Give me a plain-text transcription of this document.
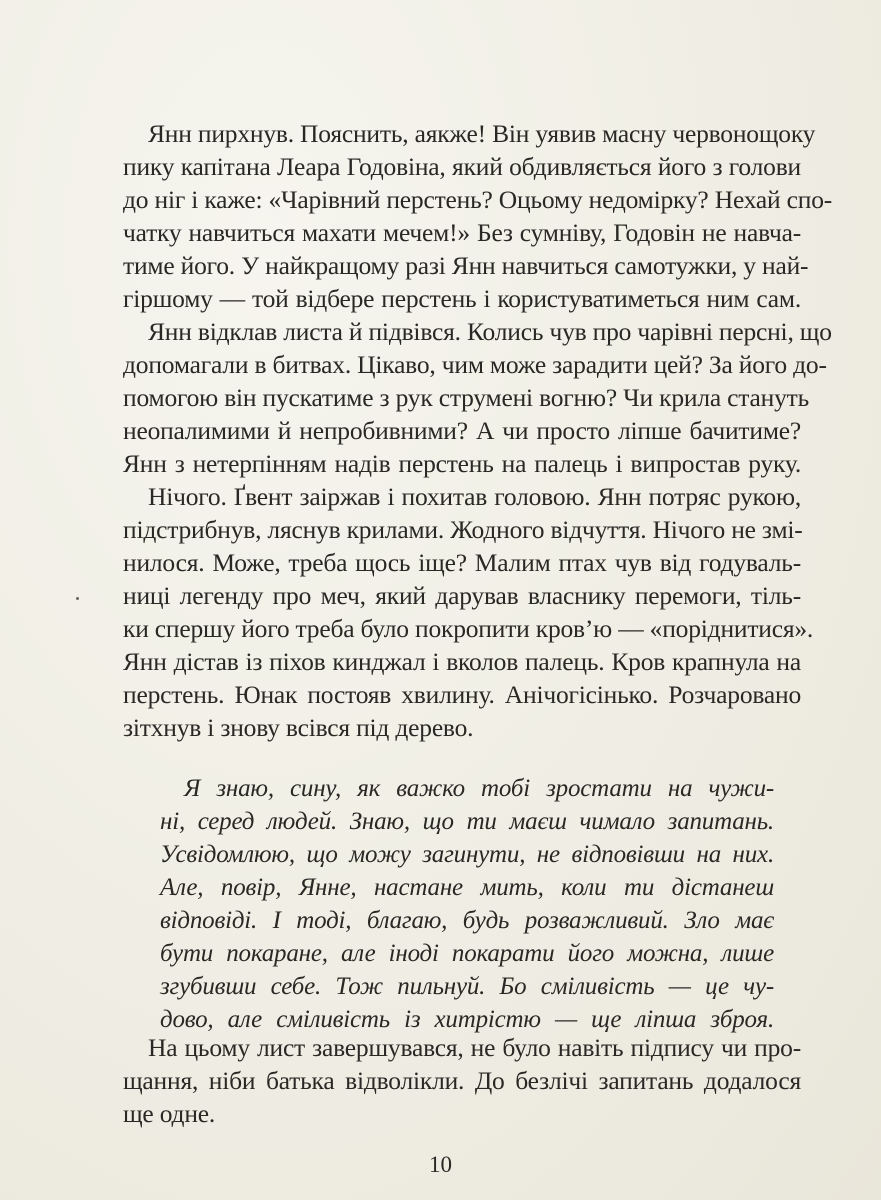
Янн пирхнув. Пояснить, аякже! Він уявив масну червонощоку
пику капітана Леара Годовіна, який обдивляється його з голови
до ніг і каже: «Чарівний перстень? Оцьому недомірку? Нехай спо-
чатку навчиться махати мечем!» Без сумніву, Годовін не навча-
тиме його. У найкращому разі Янн навчиться самотужки, у най-
гіршому — той відбере перстень і користуватиметься ним сам.
Янн відклав листа й підвівся. Колись чув про чарівні персні, що
допомагали в битвах. Цікаво, чим може зарадити цей? За його до-
помогою він пускатиме з рук струмені вогню? Чи крила стануть
неопалимими й непробивними? А чи просто ліпше бачитиме?
Янн з нетерпінням надів перстень на палець і випростав руку.
Нічого. Ґвент заіржав і похитав головою. Янн потряс рукою,
підстрибнув, ляснув крилами. Жодного відчуття. Нічого не змі-
нилося. Може, треба щось іще? Малим птах чув від годуваль-
ниці легенду про меч, який дарував власнику перемоги, тіль-
ки спершу його треба було покропити кров’ю — «поріднитися».
Янн дістав із піхов кинджал і вколов палець. Кров крапнула на
перстень. Юнак постояв хвилину. Анічогісінько. Розчаровано
зітхнув і знову всівся під дерево.
Я знаю, сину, як важко тобі зростати на чужи-
ні, серед людей. Знаю, що ти маєш чимало запитань.
Усвідомлюю, що можу загинути, не відповівши на них.
Але, повір, Янне, настане мить, коли ти дістанеш
відповіді. І тоді, благаю, будь розважливий. Зло має
бути покаране, але іноді покарати його можна, лише
згубивши себе. Тож пильнуй. Бо сміливість — це чу-
дово, але сміливість із хитрістю — ще ліпша зброя.
На цьому лист завершувався, не було навіть підпису чи про-
щання, ніби батька відволікли. До безлічі запитань додалося
ще одне.
10
